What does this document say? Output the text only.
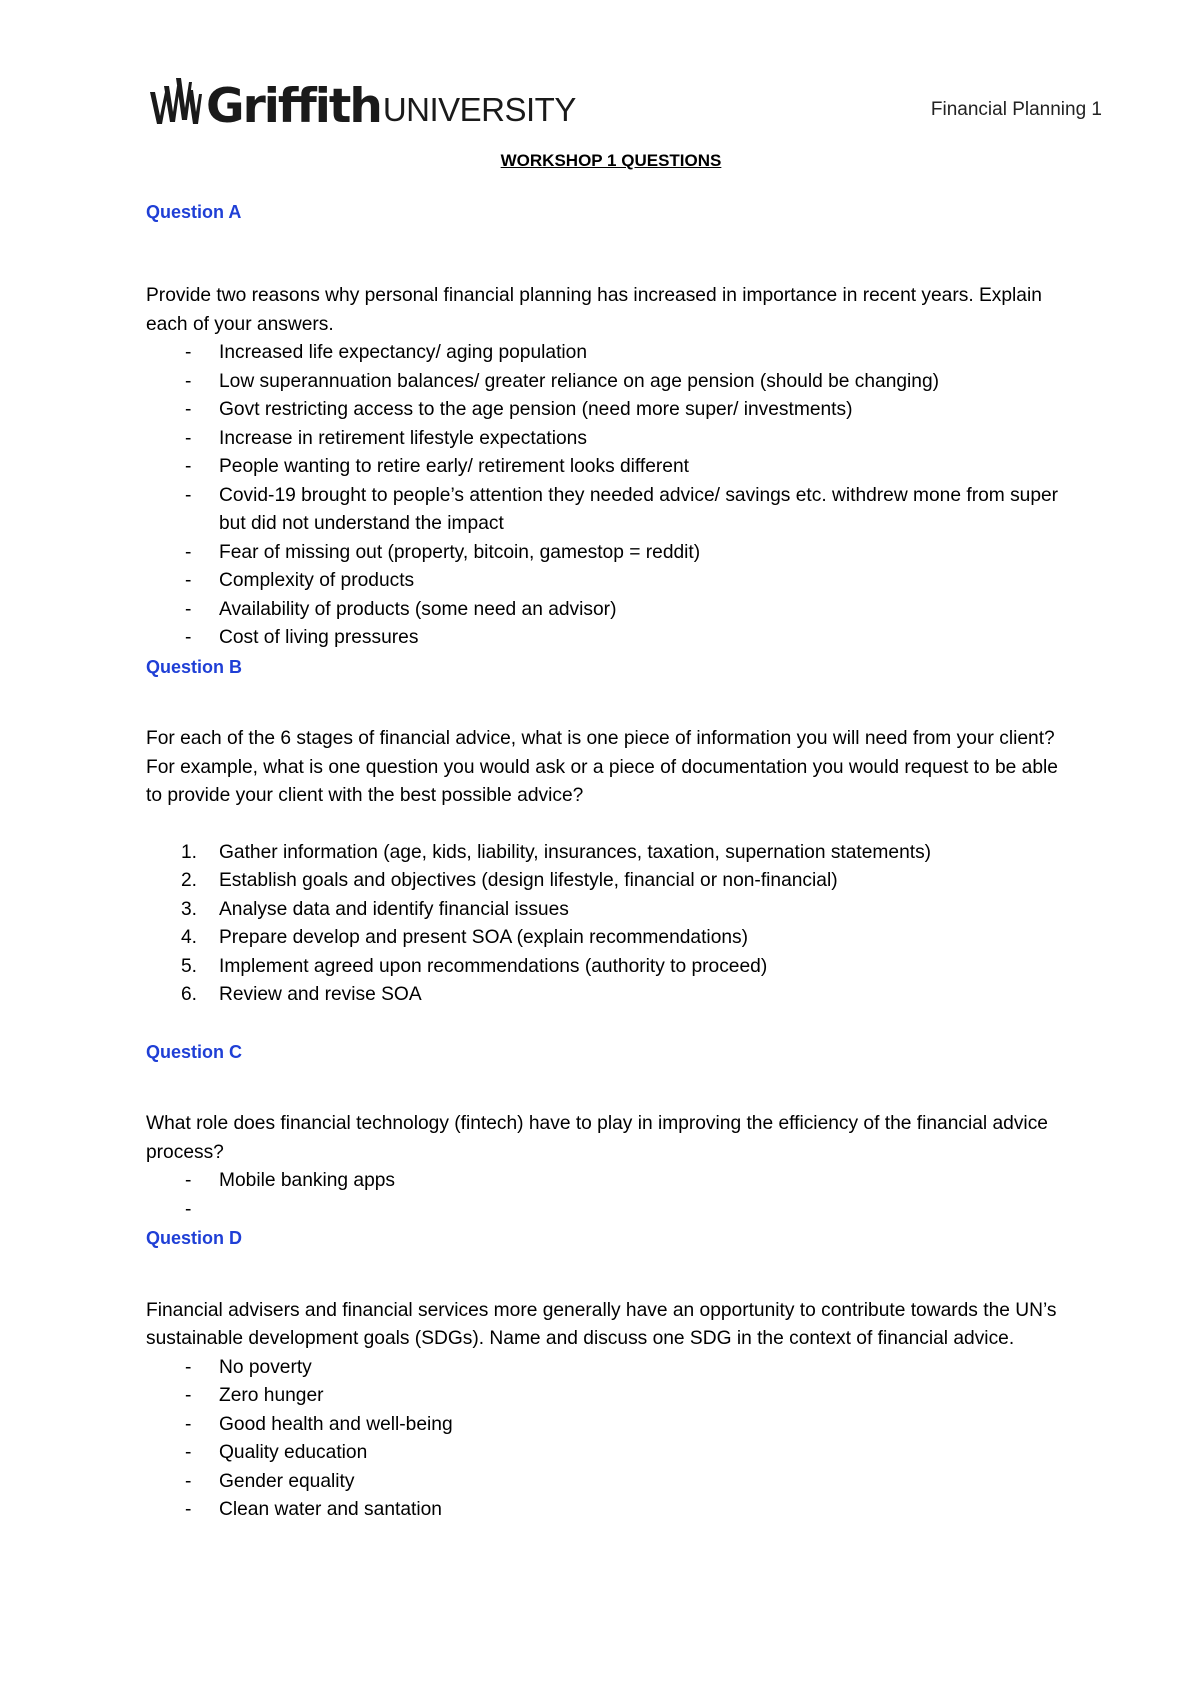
Griffith UNIVERSITY	Financial Planning 1

WORKSHOP 1 QUESTIONS

Question A

Provide two reasons why personal financial planning has increased in importance in recent years. Explain each of your answers.

- Increased life expectancy/ aging population
- Low superannuation balances/ greater reliance on age pension (should be changing)
- Govt restricting access to the age pension (need more super/ investments)
- Increase in retirement lifestyle expectations
- People wanting to retire early/ retirement looks different
- Covid-19 brought to people’s attention they needed advice/ savings etc. withdrew mone from super but did not understand the impact
- Fear of missing out (property, bitcoin, gamestop = reddit)
- Complexity of products
- Availability of products (some need an advisor)
- Cost of living pressures

Question B

For each of the 6 stages of financial advice, what is one piece of information you will need from your client? For example, what is one question you would ask or a piece of documentation you would request to be able to provide your client with the best possible advice?

1. Gather information (age, kids, liability, insurances, taxation, supernation statements)
2. Establish goals and objectives (design lifestyle, financial or non-financial)
3. Analyse data and identify financial issues
4. Prepare develop and present SOA (explain recommendations)
5. Implement agreed upon recommendations (authority to proceed)
6. Review and revise SOA

Question C

What role does financial technology (fintech) have to play in improving the efficiency of the financial advice process?

- Mobile banking apps
-

Question D

Financial advisers and financial services more generally have an opportunity to contribute towards the UN’s sustainable development goals (SDGs). Name and discuss one SDG in the context of financial advice.

- No poverty
- Zero hunger
- Good health and well-being
- Quality education
- Gender equality
- Clean water and santation
